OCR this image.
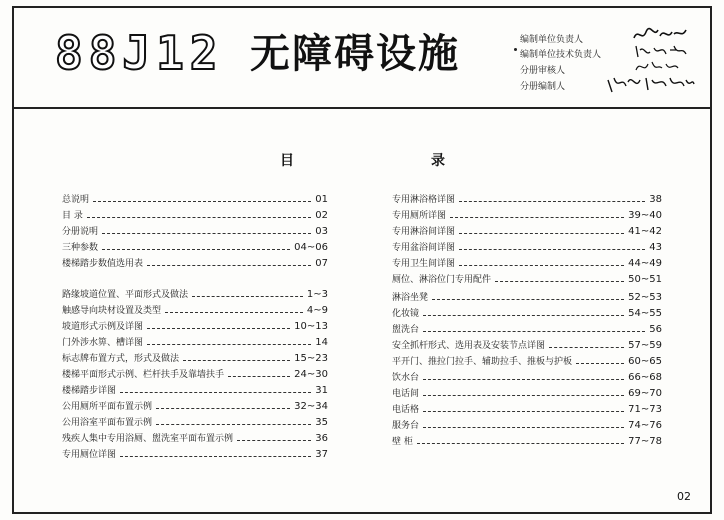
88J12 无障碍设施	编制单位负责人
编制单位技术负责人
分册审核人
分册编制人
目	录
总说明	01
目 录	02
分册说明	03
三种参数	04~06
楼梯踏步数值选用表	07
路缘坡道位置、平面形式及做法	1~3
触感导向块材设置及类型	4~9
坡道形式示例及详图	10~13
门外涉水箅、槽详图	14
标志牌布置方式，形式及做法	15~23
楼梯平面形式示例、栏杆扶手及靠墙扶手	24~30
楼梯踏步详图	31
公用厕所平面布置示例	32~34
公用浴室平面布置示例	35
残疾人集中专用浴厕、盥洗室平面布置示例	36
专用厕位详图	37
专用淋浴格详图	38
专用厕所详图	39~40
专用淋浴间详图	41~42
专用盆浴间详图	43
专用卫生间详图	44~49
厕位、淋浴位门专用配件	50~51
淋浴坐凳	52~53
化妆镜	54~55
盥洗台	56
安全抓杆形式、选用表及安装节点详图	57~59
平开门、推拉门拉手、辅助拉手、推板与护板	60~65
饮水台	66~68
电话间	69~70
电话格	71~73
服务台	74~76
壁 柜	77~78
02
